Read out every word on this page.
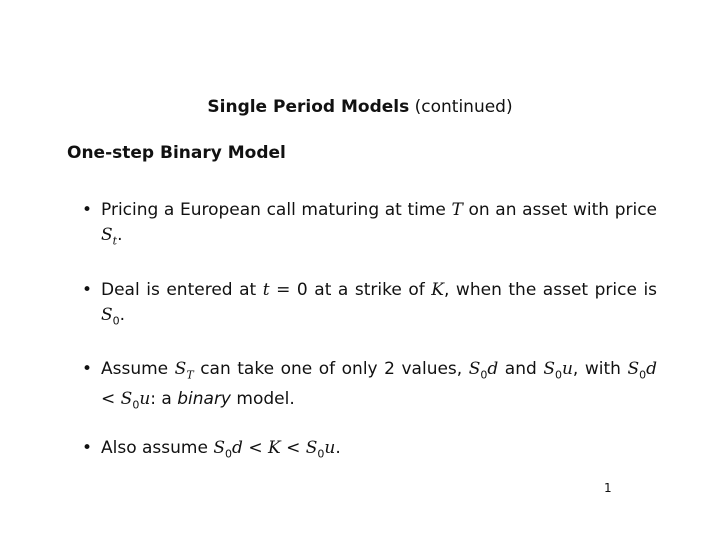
Single Period Models (continued)
One-step Binary Model
• Pricing a European call maturing at time T on an asset with price $S_t$.
• Deal is entered at t = 0 at a strike of K, when the asset price is $S_0$.
• Assume $S_T$ can take one of only 2 values, $S_0d$ and $S_0u$, with $S_0d < S_0u$: a binary model.
• Also assume $S_0d < K < S_0u$.
1
